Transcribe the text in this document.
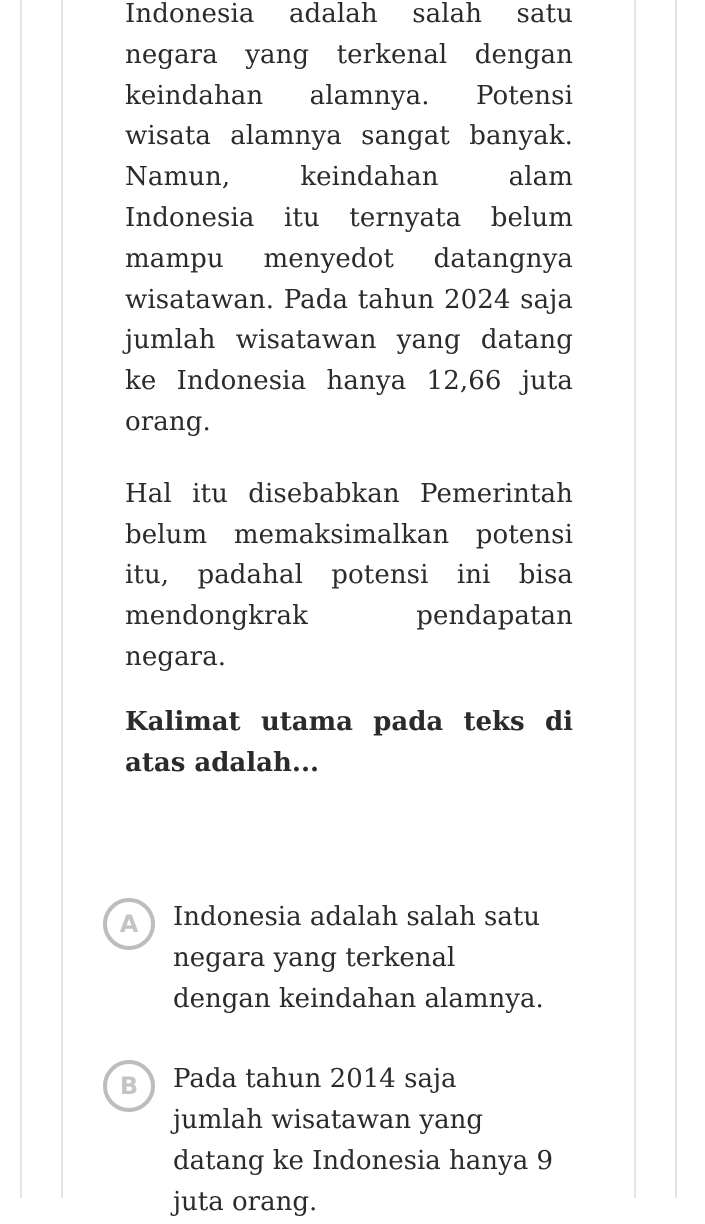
Indonesia adalah salah satu negara yang terkenal dengan keindahan alamnya. Potensi wisata alamnya sangat banyak. Namun, keindahan alam Indonesia itu ternyata belum mampu menyedot datangnya wisatawan. Pada tahun 2024 saja jumlah wisatawan yang datang ke Indonesia hanya 12,66 juta orang.

Hal itu disebabkan Pemerintah belum memaksimalkan potensi itu, padahal potensi ini bisa mendongkrak pendapatan negara.

Kalimat utama pada teks di atas adalah...
A	Indonesia adalah salah satu negara yang terkenal dengan keindahan alamnya.
B	Pada tahun 2014 saja jumlah wisatawan yang datang ke Indonesia hanya 9 juta orang.
